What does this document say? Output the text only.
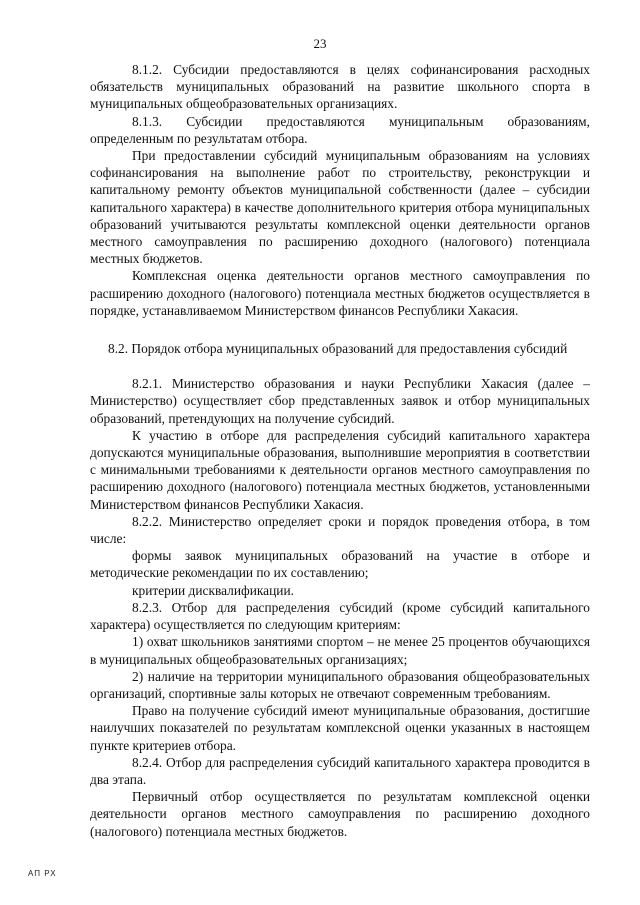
23

8.1.2. Субсидии предоставляются в целях софинансирования расходных обязательств муниципальных образований на развитие школьного спорта в муниципальных общеобразовательных организациях.

8.1.3. Субсидии предоставляются муниципальным образованиям, определенным по результатам отбора.

При предоставлении субсидий муниципальным образованиям на условиях софинансирования на выполнение работ по строительству, реконструкции и капитальному ремонту объектов муниципальной собственности (далее – субсидии капитального характера) в качестве дополнительного критерия отбора муниципальных образований учитываются результаты комплексной оценки деятельности органов местного самоуправления по расширению доходного (налогового) потенциала местных бюджетов.

Комплексная оценка деятельности органов местного самоуправления по расширению доходного (налогового) потенциала местных бюджетов осуществляется в порядке, устанавливаемом Министерством финансов Республики Хакасия.

8.2. Порядок отбора муниципальных образований для предоставления субсидий

8.2.1. Министерство образования и науки Республики Хакасия (далее – Министерство) осуществляет сбор представленных заявок и отбор муниципальных образований, претендующих на получение субсидий.

К участию в отборе для распределения субсидий капитального характера допускаются муниципальные образования, выполнившие мероприятия в соответствии с минимальными требованиями к деятельности органов местного самоуправления по расширению доходного (налогового) потенциала местных бюджетов, установленными Министерством финансов Республики Хакасия.

8.2.2. Министерство определяет сроки и порядок проведения отбора, в том числе:

формы заявок муниципальных образований на участие в отборе и методические рекомендации по их составлению;

критерии дисквалификации.

8.2.3. Отбор для распределения субсидий (кроме субсидий капитального характера) осуществляется по следующим критериям:

1) охват школьников занятиями спортом – не менее 25 процентов обучающихся в муниципальных общеобразовательных организациях;

2) наличие на территории муниципального образования общеобразовательных организаций, спортивные залы которых не отвечают современным требованиям.

Право на получение субсидий имеют муниципальные образования, достигшие наилучших показателей по результатам комплексной оценки указанных в настоящем пункте критериев отбора.

8.2.4. Отбор для распределения субсидий капитального характера проводится в два этапа.

Первичный отбор осуществляется по результатам комплексной оценки деятельности органов местного самоуправления по расширению доходного (налогового) потенциала местных бюджетов.

АП РХ
